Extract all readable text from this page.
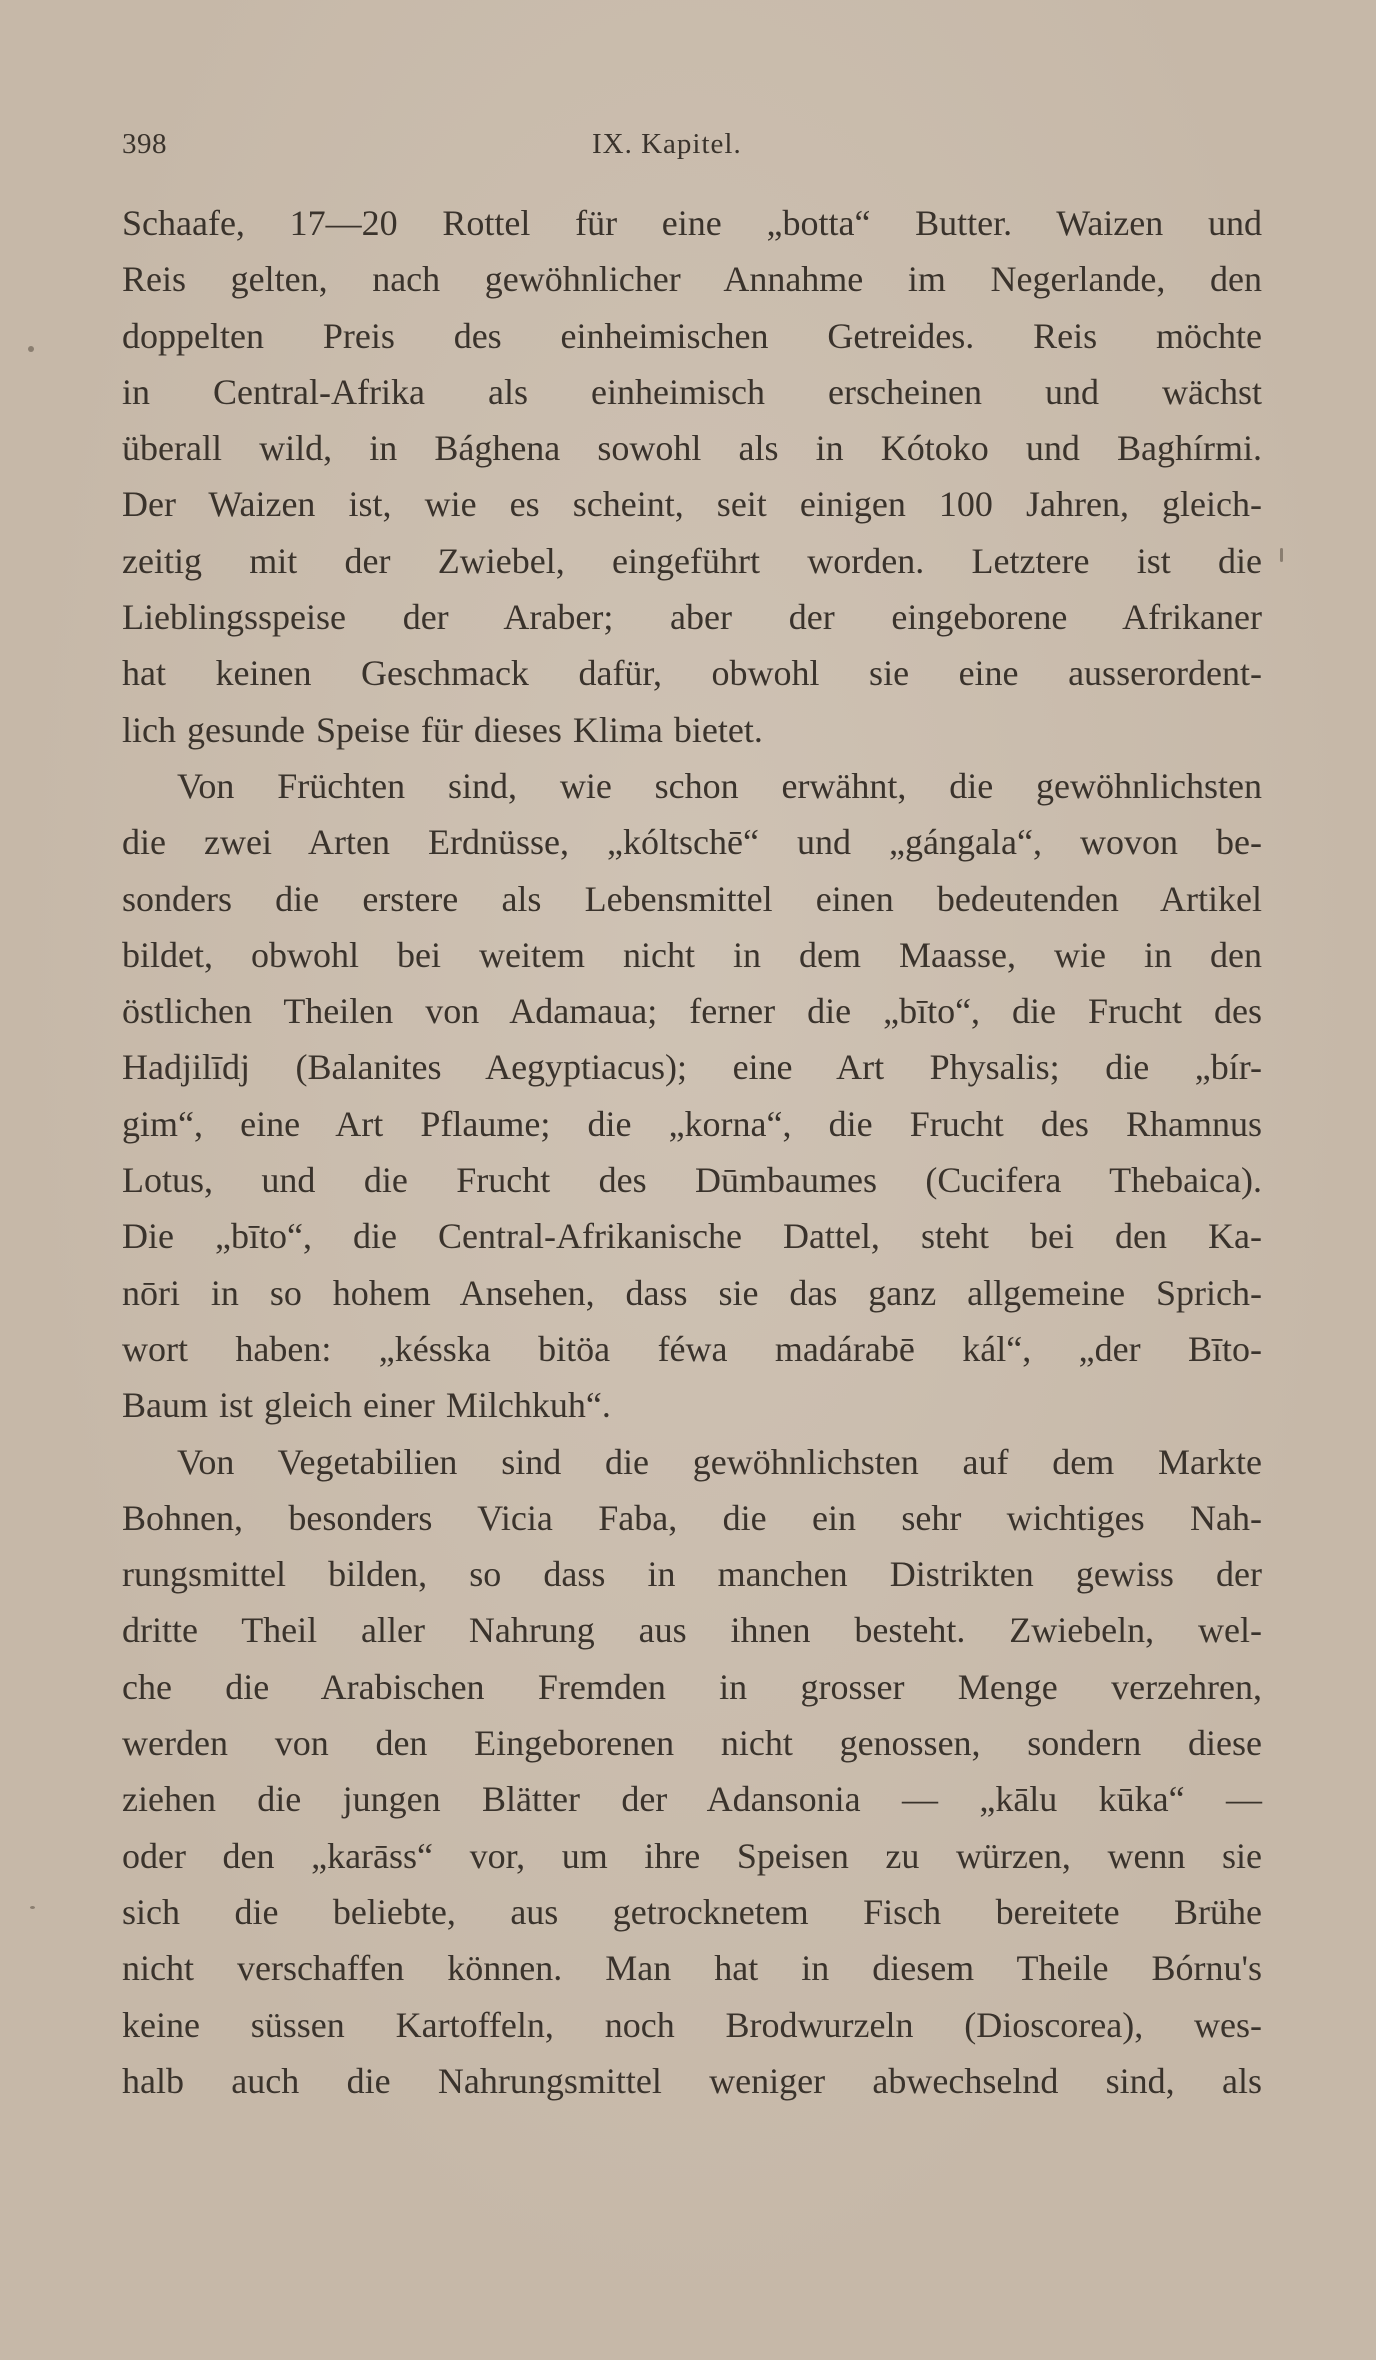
398	IX. Kapitel.
Schaafe, 17—20 Rottel für eine „botta“ Butter. Waizen und
Reis gelten, nach gewöhnlicher Annahme im Negerlande, den
doppelten Preis des einheimischen Getreides. Reis möchte
in Central-Afrika als einheimisch erscheinen und wächst
überall wild, in Bághena sowohl als in Kótoko und Baghírmi.
Der Waizen ist, wie es scheint, seit einigen 100 Jahren, gleich-
zeitig mit der Zwiebel, eingeführt worden. Letztere ist die
Lieblingsspeise der Araber; aber der eingeborene Afrikaner
hat keinen Geschmack dafür, obwohl sie eine ausserordent-
lich gesunde Speise für dieses Klima bietet.
Von Früchten sind, wie schon erwähnt, die gewöhnlichsten
die zwei Arten Erdnüsse, „kóltschē“ und „gángala“, wovon be-
sonders die erstere als Lebensmittel einen bedeutenden Artikel
bildet, obwohl bei weitem nicht in dem Maasse, wie in den
östlichen Theilen von Adamaua; ferner die „bīto“, die Frucht des
Hadjilīdj (Balanites Aegyptiacus); eine Art Physalis; die „bír-
gim“, eine Art Pflaume; die „korna“, die Frucht des Rhamnus
Lotus, und die Frucht des Dūmbaumes (Cucifera Thebaica).
Die „bīto“, die Central-Afrikanische Dattel, steht bei den Ka-
nōri in so hohem Ansehen, dass sie das ganz allgemeine Sprich-
wort haben: „késska bitöa féwa madárabē kál“, „der Bīto-
Baum ist gleich einer Milchkuh“.
Von Vegetabilien sind die gewöhnlichsten auf dem Markte
Bohnen, besonders Vicia Faba, die ein sehr wichtiges Nah-
rungsmittel bilden, so dass in manchen Distrikten gewiss der
dritte Theil aller Nahrung aus ihnen besteht. Zwiebeln, wel-
che die Arabischen Fremden in grosser Menge verzehren,
werden von den Eingeborenen nicht genossen, sondern diese
ziehen die jungen Blätter der Adansonia — „kālu kūka“ —
oder den „karāss“ vor, um ihre Speisen zu würzen, wenn sie
sich die beliebte, aus getrocknetem Fisch bereitete Brühe
nicht verschaffen können. Man hat in diesem Theile Bórnu's
keine süssen Kartoffeln, noch Brodwurzeln (Dioscorea), wes-
halb auch die Nahrungsmittel weniger abwechselnd sind, als
